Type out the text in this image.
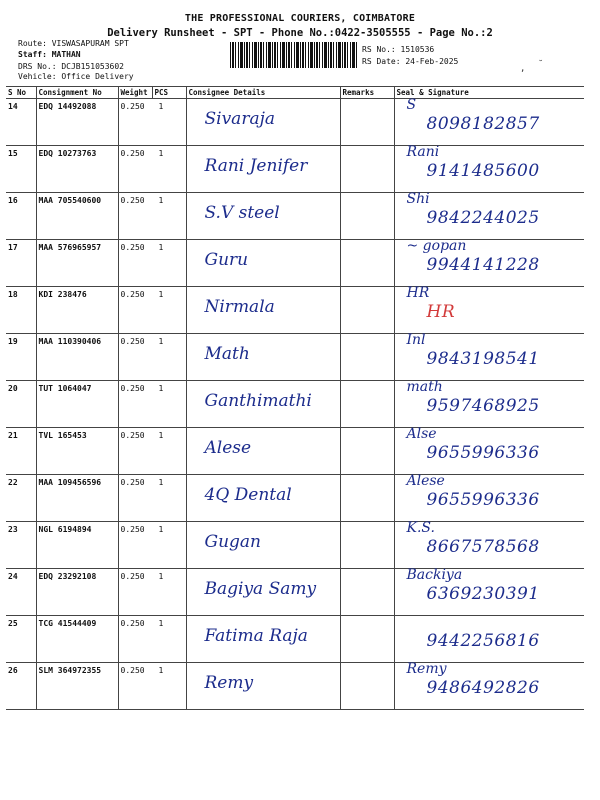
THE PROFESSIONAL COURIERS, COIMBATORE
Delivery Runsheet - SPT - Phone No.:0422-3505555 - Page No.:2
Route: VISWASAPURAM SPT
Staff: MATHAN
DRS No.: DCJB151053602
Vehicle: Office Delivery
RS No.: 1510536
RS Date: 24-Feb-2025
, ˘
S No	Consignment No	Weight	PCS	Consignee Details	Remarks	Seal & Signature
14	EDQ 14492088	0.250 1		Sivaraja		S
8098182857

15	EDQ 10273763	0.250 1		Rani Jenifer		Rani
9141485600

16	MAA 705540600	0.250 1		S.V steel		Shi
9842244025

17	MAA 576965957	0.250 1		Guru		~ gopan
9944141228

18	KDI 238476	0.250 1		Nirmala		HR
HR

19	MAA 110390406	0.250 1		Math		Inl
9843198541

20	TUT 1064047	0.250 1		Ganthimathi		math
9597468925

21	TVL 165453	0.250 1		Alese		Alse
9655996336

22	MAA 109456596	0.250 1		4Q Dental		Alese
9655996336

23	NGL 6194894	0.250 1		Gugan		K.S.
8667578568

24	EDQ 23292108	0.250 1		Bagiya Samy		Backiya
6369230391

25	TCG 41544409	0.250 1		Fatima Raja		9442256816

26	SLM 364972355	0.250 1		Remy		Remy
9486492826
